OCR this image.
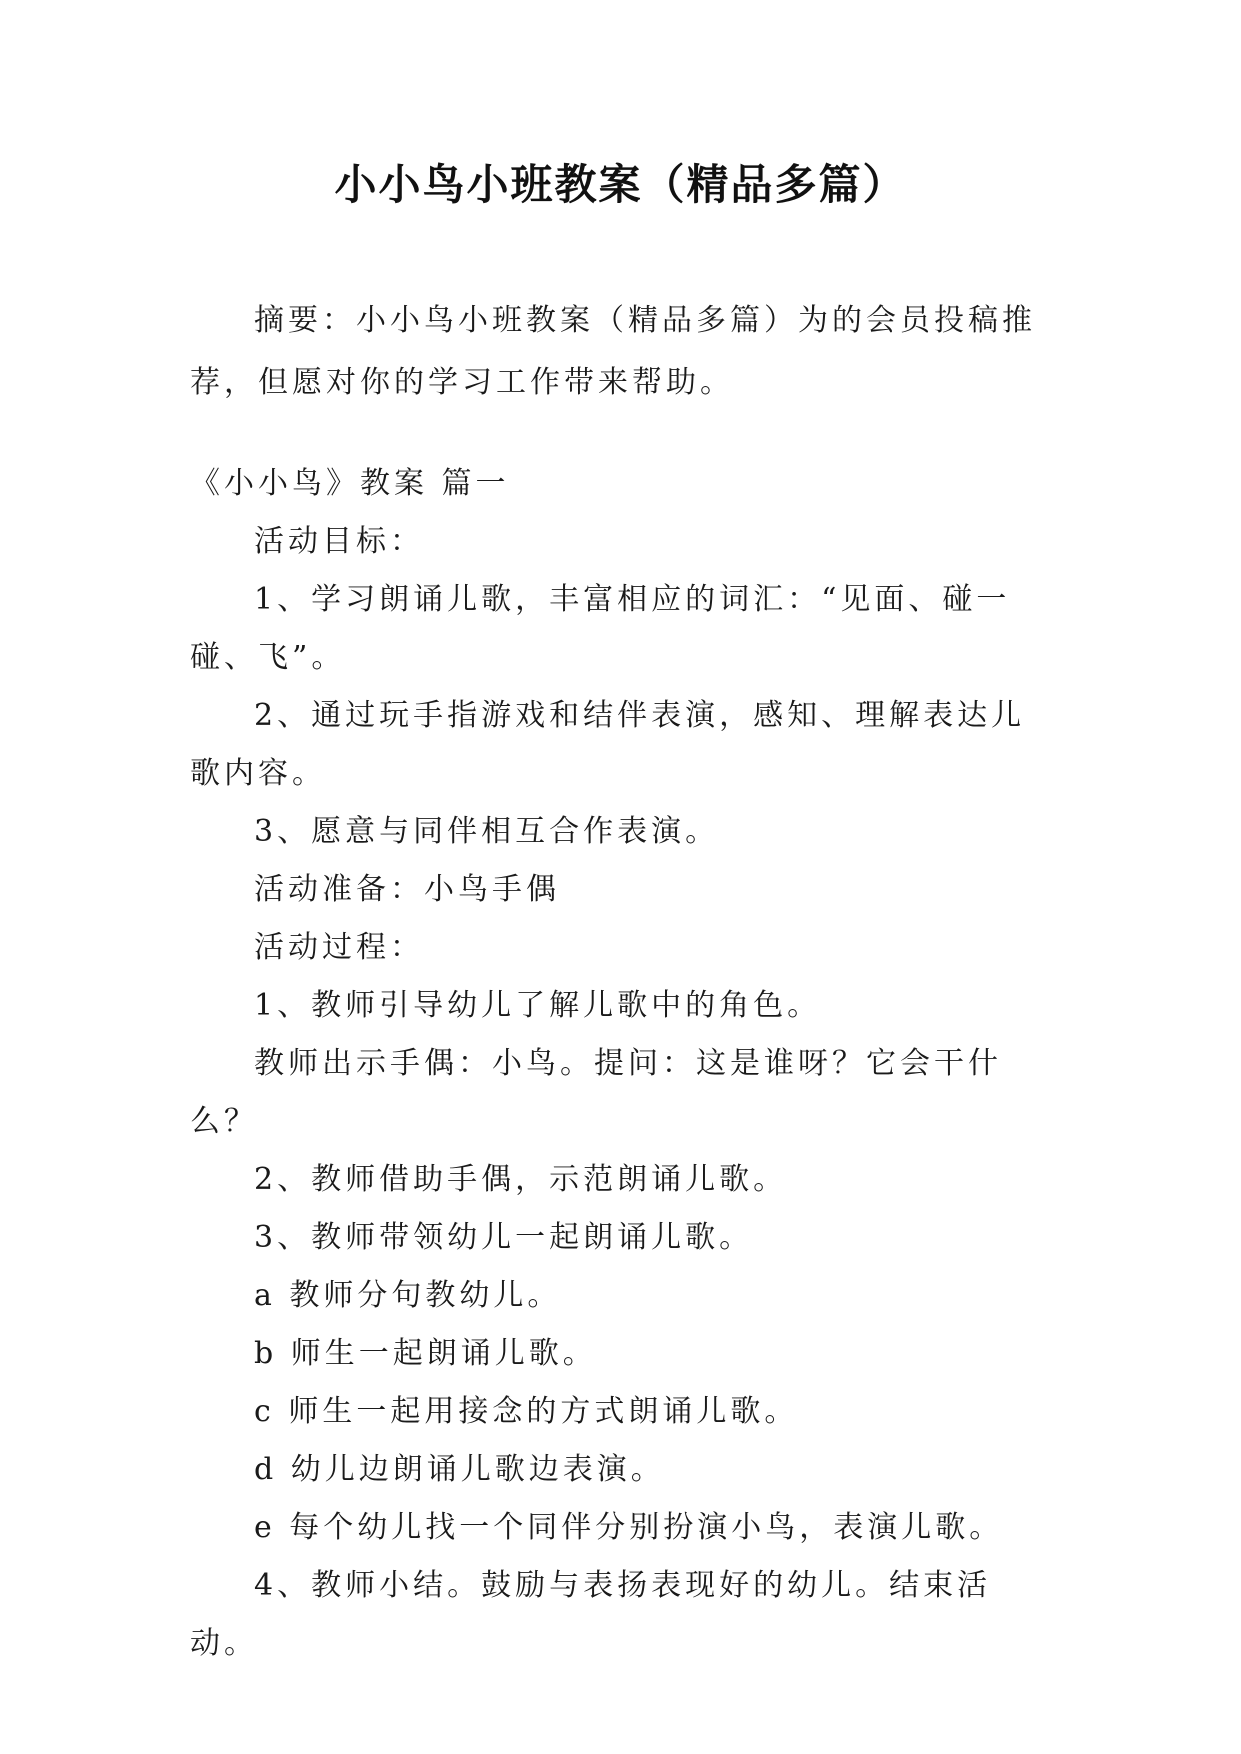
小小鸟小班教案（精品多篇）

摘要：小小鸟小班教案（精品多篇）为的会员投稿推荐，但愿对你的学习工作带来帮助。

《小小鸟》教案 篇一

活动目标：

1、学习朗诵儿歌，丰富相应的词汇：“见面、碰一碰、飞”。

2、通过玩手指游戏和结伴表演，感知、理解表达儿歌内容。

3、愿意与同伴相互合作表演。

活动准备：小鸟手偶

活动过程：

1、教师引导幼儿了解儿歌中的角色。

教师出示手偶：小鸟。提问：这是谁呀？它会干什么？

2、教师借助手偶，示范朗诵儿歌。

3、教师带领幼儿一起朗诵儿歌。

a 教师分句教幼儿。

b 师生一起朗诵儿歌。

c 师生一起用接念的方式朗诵儿歌。

d 幼儿边朗诵儿歌边表演。

e 每个幼儿找一个同伴分别扮演小鸟，表演儿歌。

4、教师小结。鼓励与表扬表现好的幼儿。结束活动。
